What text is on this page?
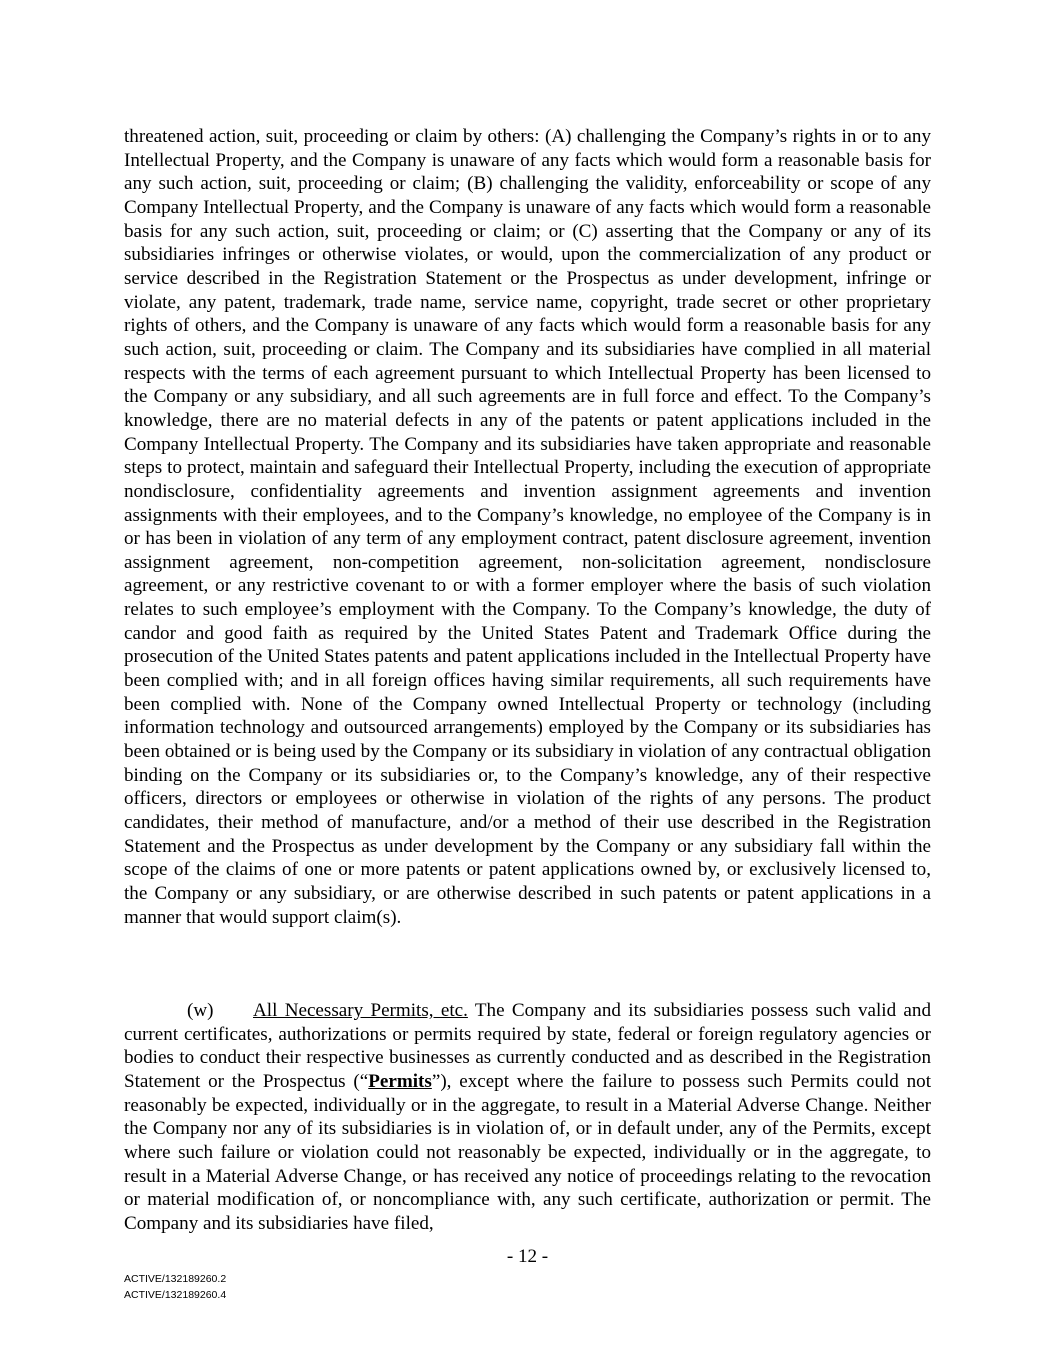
threatened action, suit, proceeding or claim by others: (A) challenging the Company’s rights in or to any Intellectual Property, and the Company is unaware of any facts which would form a reasonable basis for any such action, suit, proceeding or claim; (B) challenging the validity, enforceability or scope of any Company Intellectual Property, and the Company is unaware of any facts which would form a reasonable basis for any such action, suit, proceeding or claim; or (C) asserting that the Company or any of its subsidiaries infringes or otherwise violates, or would, upon the commercialization of any product or service described in the Registration Statement or the Prospectus as under development, infringe or violate, any patent, trademark, trade name, service name, copyright, trade secret or other proprietary rights of others, and the Company is unaware of any facts which would form a reasonable basis for any such action, suit, proceeding or claim. The Company and its subsidiaries have complied in all material respects with the terms of each agreement pursuant to which Intellectual Property has been licensed to the Company or any subsidiary, and all such agreements are in full force and effect. To the Company’s knowledge, there are no material defects in any of the patents or patent applications included in the Company Intellectual Property. The Company and its subsidiaries have taken appropriate and reasonable steps to protect, maintain and safeguard their Intellectual Property, including the execution of appropriate nondisclosure, confidentiality agreements and invention assignment agreements and invention assignments with their employees, and to the Company’s knowledge, no employee of the Company is in or has been in violation of any term of any employment contract, patent disclosure agreement, invention assignment agreement, non-competition agreement, non-solicitation agreement, nondisclosure agreement, or any restrictive covenant to or with a former employer where the basis of such violation relates to such employee’s employment with the Company. To the Company’s knowledge, the duty of candor and good faith as required by the United States Patent and Trademark Office during the prosecution of the United States patents and patent applications included in the Intellectual Property have been complied with; and in all foreign offices having similar requirements, all such requirements have been complied with. None of the Company owned Intellectual Property or technology (including information technology and outsourced arrangements) employed by the Company or its subsidiaries has been obtained or is being used by the Company or its subsidiary in violation of any contractual obligation binding on the Company or its subsidiaries or, to the Company’s knowledge, any of their respective officers, directors or employees or otherwise in violation of the rights of any persons. The product candidates, their method of manufacture, and/or a method of their use described in the Registration Statement and the Prospectus as under development by the Company or any subsidiary fall within the scope of the claims of one or more patents or patent applications owned by, or exclusively licensed to, the Company or any subsidiary, or are otherwise described in such patents or patent applications in a manner that would support claim(s).

(w) All Necessary Permits, etc. The Company and its subsidiaries possess such valid and current certificates, authorizations or permits required by state, federal or foreign regulatory agencies or bodies to conduct their respective businesses as currently conducted and as described in the Registration Statement or the Prospectus (“Permits”), except where the failure to possess such Permits could not reasonably be expected, individually or in the aggregate, to result in a Material Adverse Change. Neither the Company nor any of its subsidiaries is in violation of, or in default under, any of the Permits, except where such failure or violation could not reasonably be expected, individually or in the aggregate, to result in a Material Adverse Change, or has received any notice of proceedings relating to the revocation or material modification of, or noncompliance with, any such certificate, authorization or permit. The Company and its subsidiaries have filed,

- 12 -
ACTIVE/132189260.2
ACTIVE/132189260.4
